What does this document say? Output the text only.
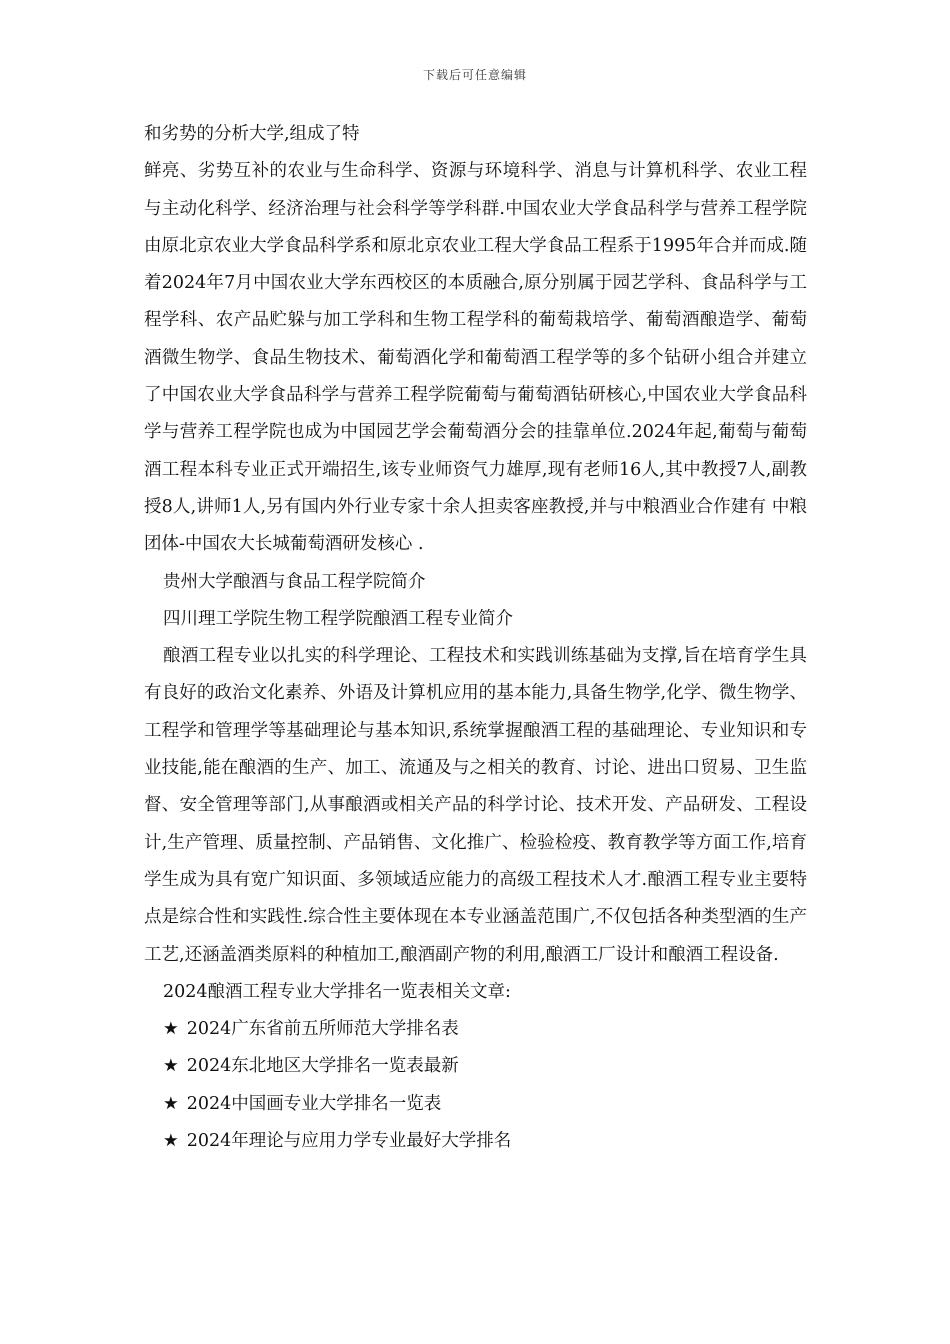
下载后可任意编辑

和劣势的分析大学,组成了特

鲜亮、劣势互补的农业与生命科学、资源与环境科学、消息与计算机科学、农业工程与主动化科学、经济治理与社会科学等学科群.中国农业大学食品科学与营养工程学院由原北京农业大学食品科学系和原北京农业工程大学食品工程系于1995年合并而成.随着2024年7月中国农业大学东西校区的本质融合,原分别属于园艺学科、食品科学与工程学科、农产品贮躲与加工学科和生物工程学科的葡萄栽培学、葡萄酒酿造学、葡萄酒微生物学、食品生物技术、葡萄酒化学和葡萄酒工程学等的多个钻研小组合并建立了中国农业大学食品科学与营养工程学院葡萄与葡萄酒钻研核心,中国农业大学食品科学与营养工程学院也成为中国园艺学会葡萄酒分会的挂靠单位.2024年起,葡萄与葡萄酒工程本科专业正式开端招生,该专业师资气力雄厚,现有老师16人,其中教授7人,副教授8人,讲师1人,另有国内外行业专家十余人担卖客座教授,并与中粮酒业合作建有 中粮团体-中国农大长城葡萄酒研发核心 .

贵州大学酿酒与食品工程学院简介

四川理工学院生物工程学院酿酒工程专业简介

酿酒工程专业以扎实的科学理论、工程技术和实践训练基础为支撑,旨在培育学生具有良好的政治文化素养、外语及计算机应用的基本能力,具备生物学,化学、微生物学、工程学和管理学等基础理论与基本知识,系统掌握酿酒工程的基础理论、专业知识和专业技能,能在酿酒的生产、加工、流通及与之相关的教育、讨论、进出口贸易、卫生监督、安全管理等部门,从事酿酒或相关产品的科学讨论、技术开发、产品研发、工程设计,生产管理、质量控制、产品销售、文化推广、检验检疫、教育教学等方面工作,培育学生成为具有宽广知识面、多领域适应能力的高级工程技术人才.酿酒工程专业主要特点是综合性和实践性.综合性主要体现在本专业涵盖范围广,不仅包括各种类型酒的生产工艺,还涵盖酒类原料的种植加工,酿酒副产物的利用,酿酒工厂设计和酿酒工程设备.

2024酿酒工程专业大学排名一览表相关文章:

★ 2024广东省前五所师范大学排名表
★ 2024东北地区大学排名一览表最新
★ 2024中国画专业大学排名一览表
★ 2024年理论与应用力学专业最好大学排名
